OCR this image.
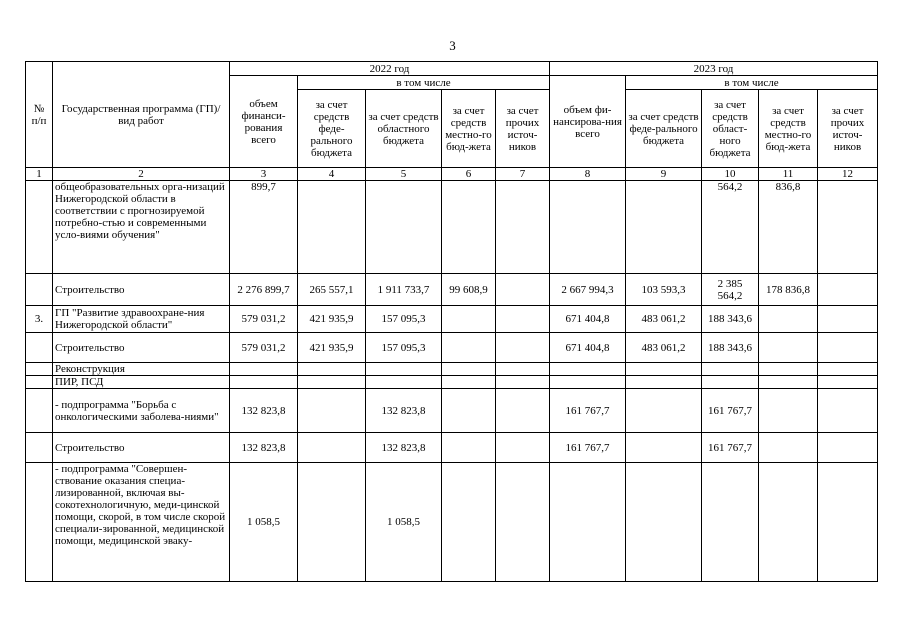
3
№ п/п	Государственная программа (ГП)/ вид работ	2022 год					2023 год				
		объем финанси-рования всего	в том числе				объем фи-нансирова-ния всего	в том числе			
			за счет средств феде-рального бюджета	за счет средств областного бюджета	за счет средств местно-го бюд-жета	за счет прочих источ-ников		за счет средств феде-рального бюджета	за счет средств област-ного бюджета	за счет средств местно-го бюд-жета	за счет прочих источ-ников
1	2	3	4	5	6	7	8	9	10	11	12
	общеобразовательных орга-низаций Нижегородской области в соответствии с прогнозируемой потребно-стью и современными усло-виями обучения"	899,7							564,2	836,8	
	Строительство	2 276 899,7	265 557,1	1 911 733,7	99 608,9		2 667 994,3	103 593,3	2 385 564,2	178 836,8	
3.	ГП "Развитие здравоохране-ния Нижегородской области"	579 031,2	421 935,9	157 095,3			671 404,8	483 061,2	188 343,6		
	Строительство	579 031,2	421 935,9	157 095,3			671 404,8	483 061,2	188 343,6		
	Реконструкция										
	ПИР, ПСД										
	- подпрограмма "Борьба с онкологическими заболева-ниями"	132 823,8		132 823,8			161 767,7		161 767,7		
	Строительство	132 823,8		132 823,8			161 767,7		161 767,7		
	- подпрограмма "Совершен-ствование оказания специа-лизированной, включая вы-сокотехнологичную, меди-цинской помощи, скорой, в том числе скорой специали-зированной, медицинской помощи, медицинской эваку-	1 058,5		1 058,5							
